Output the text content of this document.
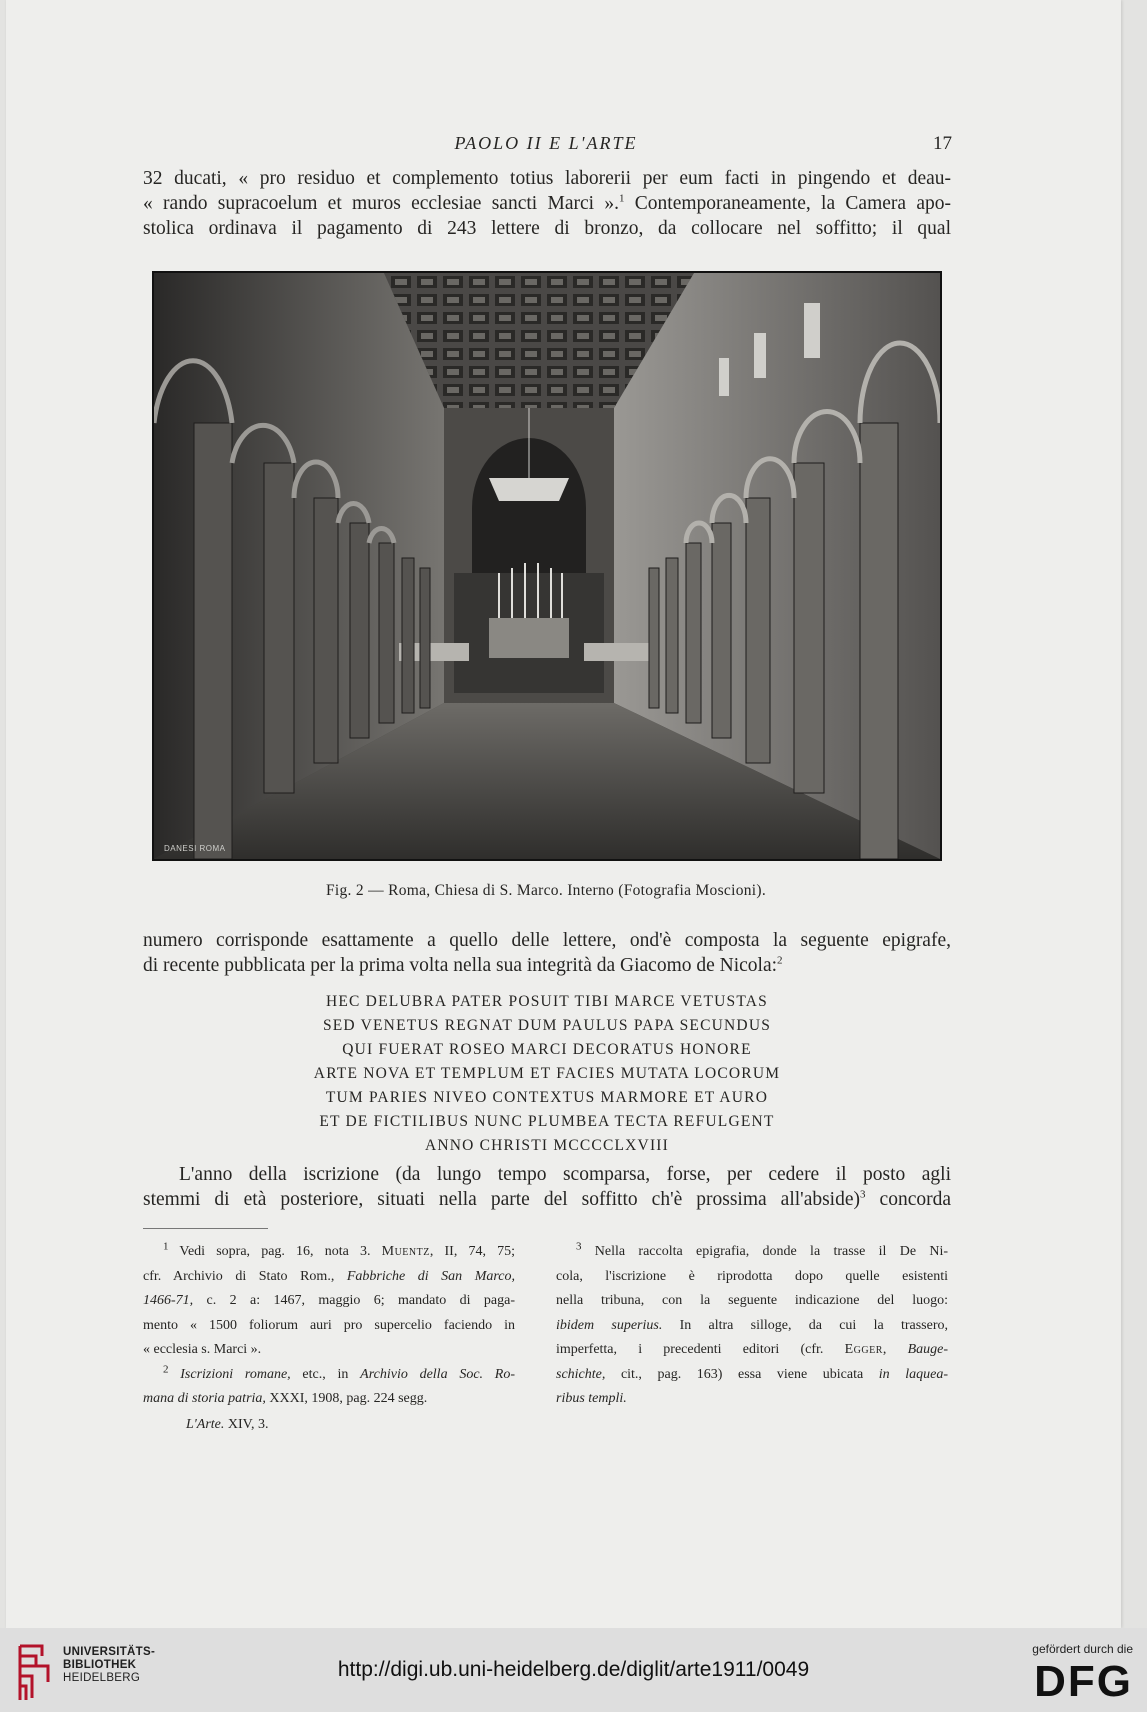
PAOLO II E L'ARTE	17
32 ducati, « pro residuo et complemento totius laborerii per eum facti in pingendo et deau-
« rando supracoelum et muros ecclesiae sancti Marci ».$^1$ Contemporaneamente, la Camera apo-
stolica ordinava il pagamento di 243 lettere di bronzo, da collocare nel soffitto; il qual
DANESI ROMA
Fig. 2 — Roma, Chiesa di S. Marco. Interno (Fotografia Moscioni).
numero corrisponde esattamente a quello delle lettere, ond'è composta la seguente epigrafe,
di recente pubblicata per la prima volta nella sua integrità da Giacomo de Nicola:$^2$
HEC DELUBRA PATER POSUIT TIBI MARCE VETUSTAS
SED VENETUS REGNAT DUM PAULUS PAPA SECUNDUS
QUI FUERAT ROSEO MARCI DECORATUS HONORE
ARTE NOVA ET TEMPLUM ET FACIES MUTATA LOCORUM
TUM PARIES NIVEO CONTEXTUS MARMORE ET AURO
ET DE FICTILIBUS NUNC PLUMBEA TECTA REFULGENT
ANNO CHRISTI MCCCCLXVIII
L'anno della iscrizione (da lungo tempo scomparsa, forse, per cedere il posto agli
stemmi di età posteriore, situati nella parte del soffitto ch'è prossima all'abside)$^3$ concorda
$^1$ Vedi sopra, pag. 16, nota 3. Muentz, II, 74, 75;
cfr. Archivio di Stato Rom., Fabbriche di San Marco,
1466-71, c. 2 a: 1467, maggio 6; mandato di paga-
mento « 1500 foliorum auri pro supercelio faciendo in
« ecclesia s. Marci ».
$^2$ Iscrizioni romane, etc., in Archivio della Soc. Ro-
mana di storia patria, XXXI, 1908, pag. 224 segg.
$^3$ Nella raccolta epigrafia, donde la trasse il De Ni-
cola, l'iscrizione è riprodotta dopo quelle esistenti
nella tribuna, con la seguente indicazione del luogo:
ibidem superius. In altra silloge, da cui la trassero,
imperfetta, i precedenti editori (cfr. Egger, Bauge-
schichte, cit., pag. 163) essa viene ubicata in laquea-
ribus templi.
L'Arte. XIV, 3.
UNIVERSITÄTS-
BIBLIOTHEK
HEIDELBERG	http://digi.ub.uni-heidelberg.de/diglit/arte1911/0049
gefördert durch die
DFG
